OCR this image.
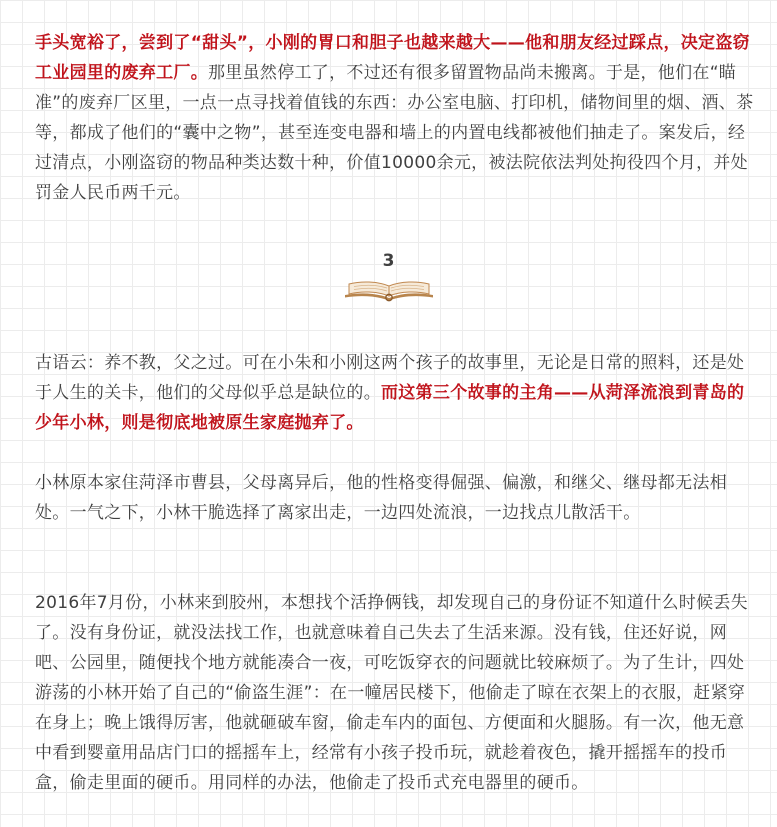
手头宽裕了，尝到了“甜头”，小刚的胃口和胆子也越来越大——他和朋友经过踩点，决定盗窃工业园里的废弃工厂。那里虽然停工了，不过还有很多留置物品尚未搬离。于是，他们在“瞄准”的废弃厂区里，一点一点寻找着值钱的东西：办公室电脑、打印机，储物间里的烟、酒、茶等，都成了他们的“囊中之物”，甚至连变电器和墙上的内置电线都被他们抽走了。案发后，经过清点，小刚盗窃的物品种类达数十种，价值10000余元，被法院依法判处拘役四个月，并处罚金人民币两千元。

3

古语云：养不教，父之过。可在小朱和小刚这两个孩子的故事里，无论是日常的照料，还是处于人生的关卡，他们的父母似乎总是缺位的。而这第三个故事的主角——从菏泽流浪到青岛的少年小林，则是彻底地被原生家庭抛弃了。

小林原本家住菏泽市曹县，父母离异后，他的性格变得倔强、偏激，和继父、继母都无法相处。一气之下，小林干脆选择了离家出走，一边四处流浪，一边找点儿散活干。

2016年7月份，小林来到胶州，本想找个活挣俩钱，却发现自己的身份证不知道什么时候丢失了。没有身份证，就没法找工作，也就意味着自己失去了生活来源。没有钱，住还好说，网吧、公园里，随便找个地方就能凑合一夜，可吃饭穿衣的问题就比较麻烦了。为了生计，四处游荡的小林开始了自己的“偷盗生涯”：在一幢居民楼下，他偷走了晾在衣架上的衣服，赶紧穿在身上；晚上饿得厉害，他就砸破车窗，偷走车内的面包、方便面和火腿肠。有一次，他无意中看到婴童用品店门口的摇摇车上，经常有小孩子投币玩，就趁着夜色，撬开摇摇车的投币盒，偷走里面的硬币。用同样的办法，他偷走了投币式充电器里的硬币。
